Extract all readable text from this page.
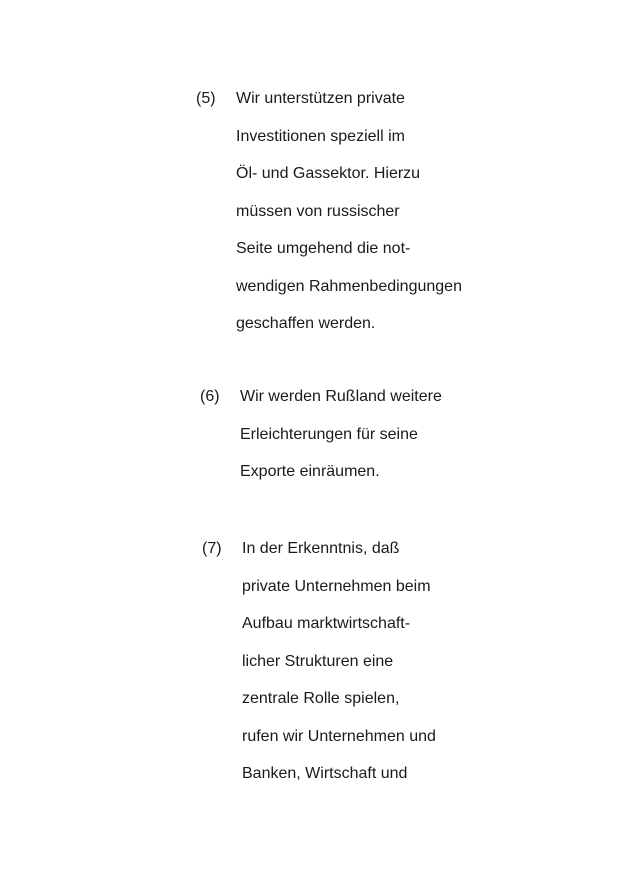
(5) Wir unterstützen private
Investitionen speziell im
Öl- und Gassektor. Hierzu
müssen von russischer
Seite umgehend die not-
wendigen Rahmenbedingungen
geschaffen werden.
(6) Wir werden Rußland weitere
Erleichterungen für seine
Exporte einräumen.
(7) In der Erkenntnis, daß
private Unternehmen beim
Aufbau marktwirtschaft-
licher Strukturen eine
zentrale Rolle spielen,
rufen wir Unternehmen und
Banken, Wirtschaft und
